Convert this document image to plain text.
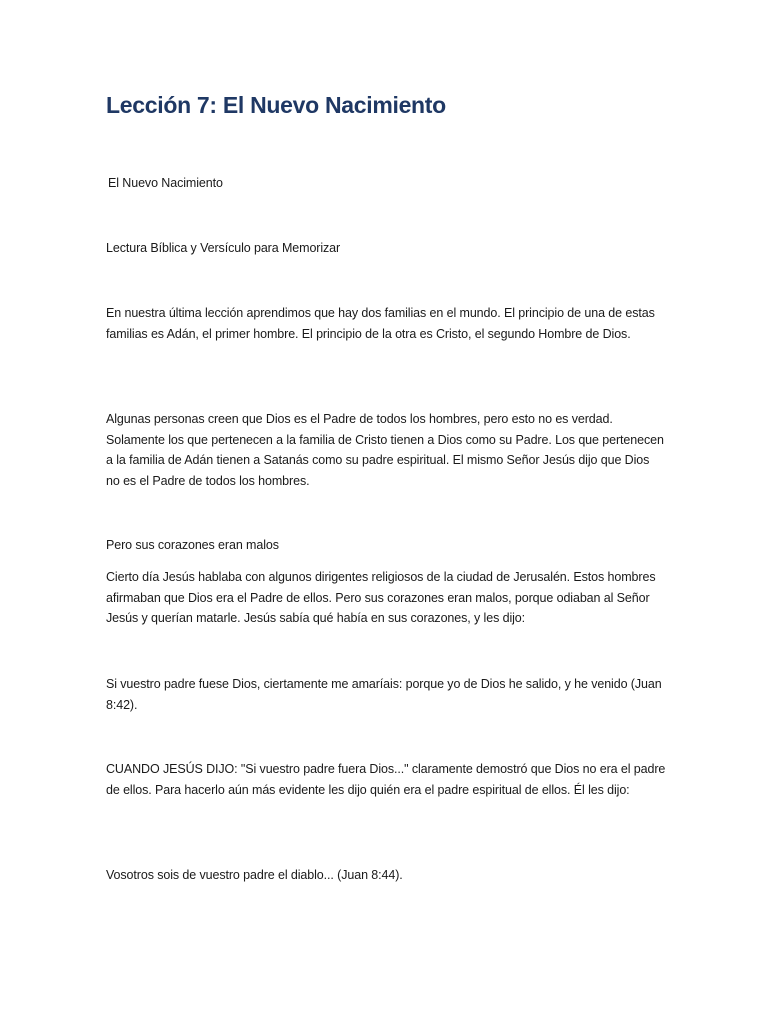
Lección 7: El Nuevo Nacimiento

El Nuevo Nacimiento

Lectura Bíblica y Versículo para Memorizar

En nuestra última lección aprendimos que hay dos familias en el mundo. El principio de una de estas familias es Adán, el primer hombre. El principio de la otra es Cristo, el segundo Hombre de Dios.

Algunas personas creen que Dios es el Padre de todos los hombres, pero esto no es verdad. Solamente los que pertenecen a la familia de Cristo tienen a Dios como su Padre. Los que pertenecen a la familia de Adán tienen a Satanás como su padre espiritual. El mismo Señor Jesús dijo que Dios no es el Padre de todos los hombres.

Pero sus corazones eran malos

Cierto día Jesús hablaba con algunos dirigentes religiosos de la ciudad de Jerusalén. Estos hombres afirmaban que Dios era el Padre de ellos. Pero sus corazones eran malos, porque odiaban al Señor Jesús y querían matarle. Jesús sabía qué había en sus corazones, y les dijo:

Si vuestro padre fuese Dios, ciertamente me amaríais: porque yo de Dios he salido, y he venido (Juan 8:42).

CUANDO JESÚS DIJO: "Si vuestro padre fuera Dios..." claramente demostró que Dios no era el padre de ellos. Para hacerlo aún más evidente les dijo quién era el padre espiritual de ellos. Él les dijo:

Vosotros sois de vuestro padre el diablo... (Juan 8:44).
